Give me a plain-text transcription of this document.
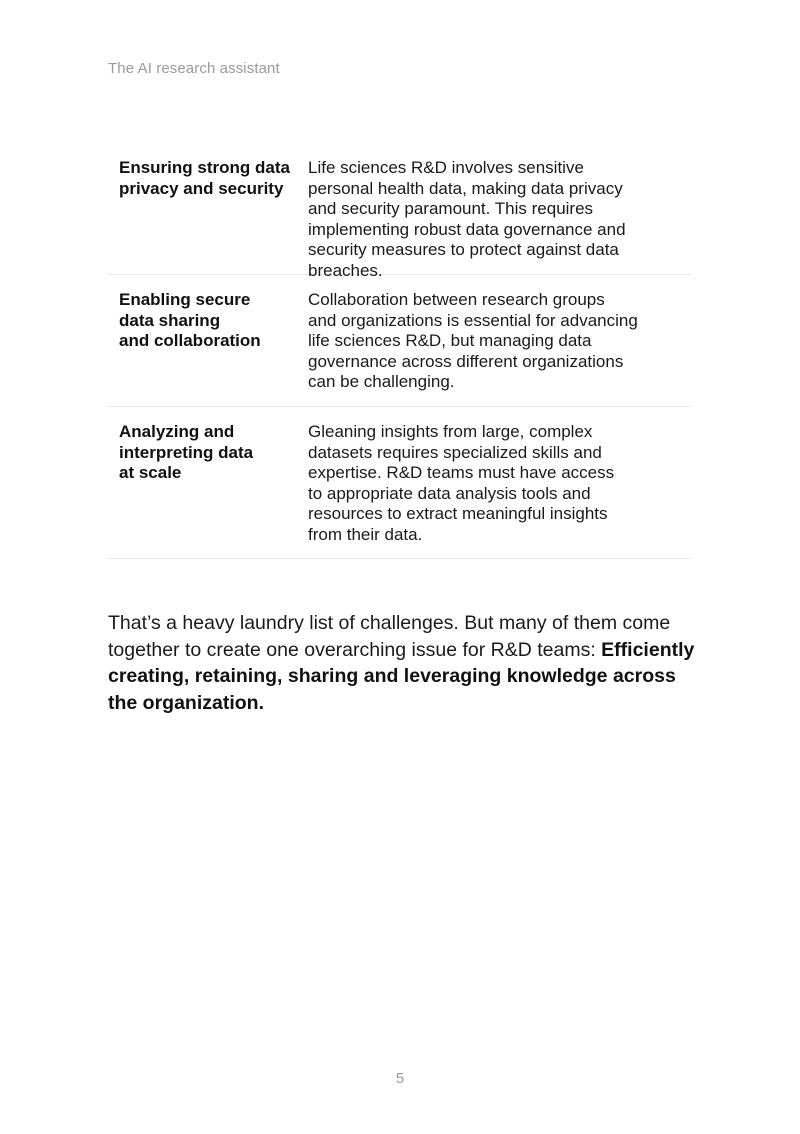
The AI research assistant
Ensuring strong data
privacy and security
Life sciences R&D involves sensitive
personal health data, making data privacy
and security paramount. This requires
implementing robust data governance and
security measures to protect against data
breaches.
Enabling secure
data sharing
and collaboration
Collaboration between research groups
and organizations is essential for advancing
life sciences R&D, but managing data
governance across different organizations
can be challenging.
Analyzing and
interpreting data
at scale
Gleaning insights from large, complex
datasets requires specialized skills and
expertise. R&D teams must have access
to appropriate data analysis tools and
resources to extract meaningful insights
from their data.
That’s a heavy laundry list of challenges. But many of them come together to create one overarching issue for R&D teams: Efficiently creating, retaining, sharing and leveraging knowledge across the organization.
5
